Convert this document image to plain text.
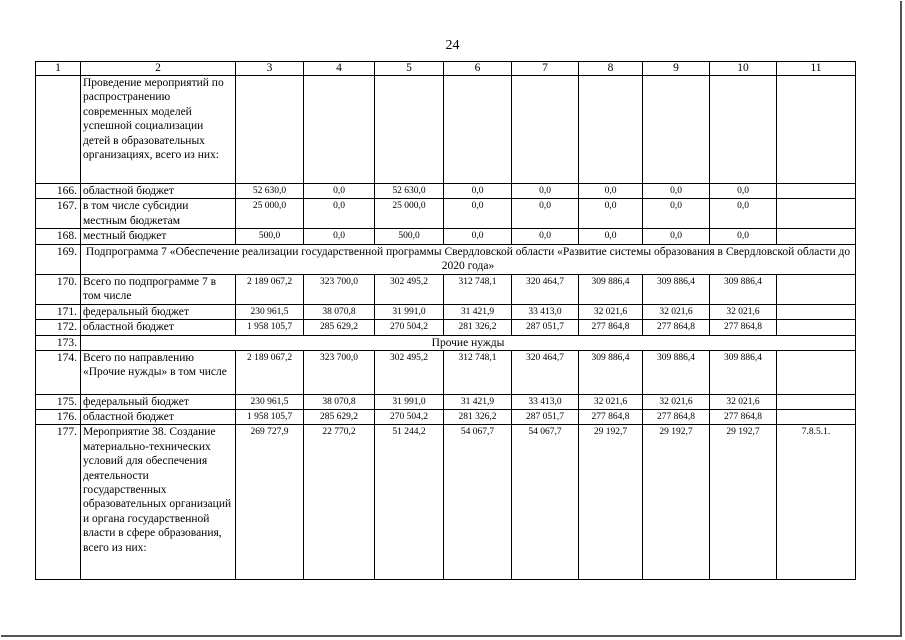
24
1	2	3	4	5	6	7	8	9	10	11
	Проведение мероприятий по распространению современных моделей успешной социализации детей в образовательных организациях, всего из них:									
166.	областной бюджет	52 630,0	0,0	52 630,0	0,0	0,0	0,0	0,0	0,0	
167.	в том числе субсидии местным бюджетам	25 000,0	0,0	25 000,0	0,0	0,0	0,0	0,0	0,0	
168.	местный бюджет	500,0	0,0	500,0	0,0	0,0	0,0	0,0	0,0	
169.	Подпрограмма 7 «Обеспечение реализации государственной программы Свердловской области «Развитие системы образования в Свердловской области до 2020 года»									
170.	Всего по подпрограмме 7 в том числе	2 189 067,2	323 700,0	302 495,2	312 748,1	320 464,7	309 886,4	309 886,4	309 886,4	
171.	федеральный бюджет	230 961,5	38 070,8	31 991,0	31 421,9	33 413,0	32 021,6	32 021,6	32 021,6	
172.	областной бюджет	1 958 105,7	285 629,2	270 504,2	281 326,2	287 051,7	277 864,8	277 864,8	277 864,8	
173.	Прочие нужды									
174.	Всего по направлению «Прочие нужды» в том числе	2 189 067,2	323 700,0	302 495,2	312 748,1	320 464,7	309 886,4	309 886,4	309 886,4	
175.	федеральный бюджет	230 961,5	38 070,8	31 991,0	31 421,9	33 413,0	32 021,6	32 021,6	32 021,6	
176.	областной бюджет	1 958 105,7	285 629,2	270 504,2	281 326,2	287 051,7	277 864,8	277 864,8	277 864,8	
177.	Мероприятие 38. Создание материально-технических условий для обеспечения деятельности государственных образовательных организаций и органа государственной власти в сфере образования, всего из них:	269 727,9	22 770,2	51 244,2	54 067,7	54 067,7	29 192,7	29 192,7	29 192,7	7.8.5.1.
